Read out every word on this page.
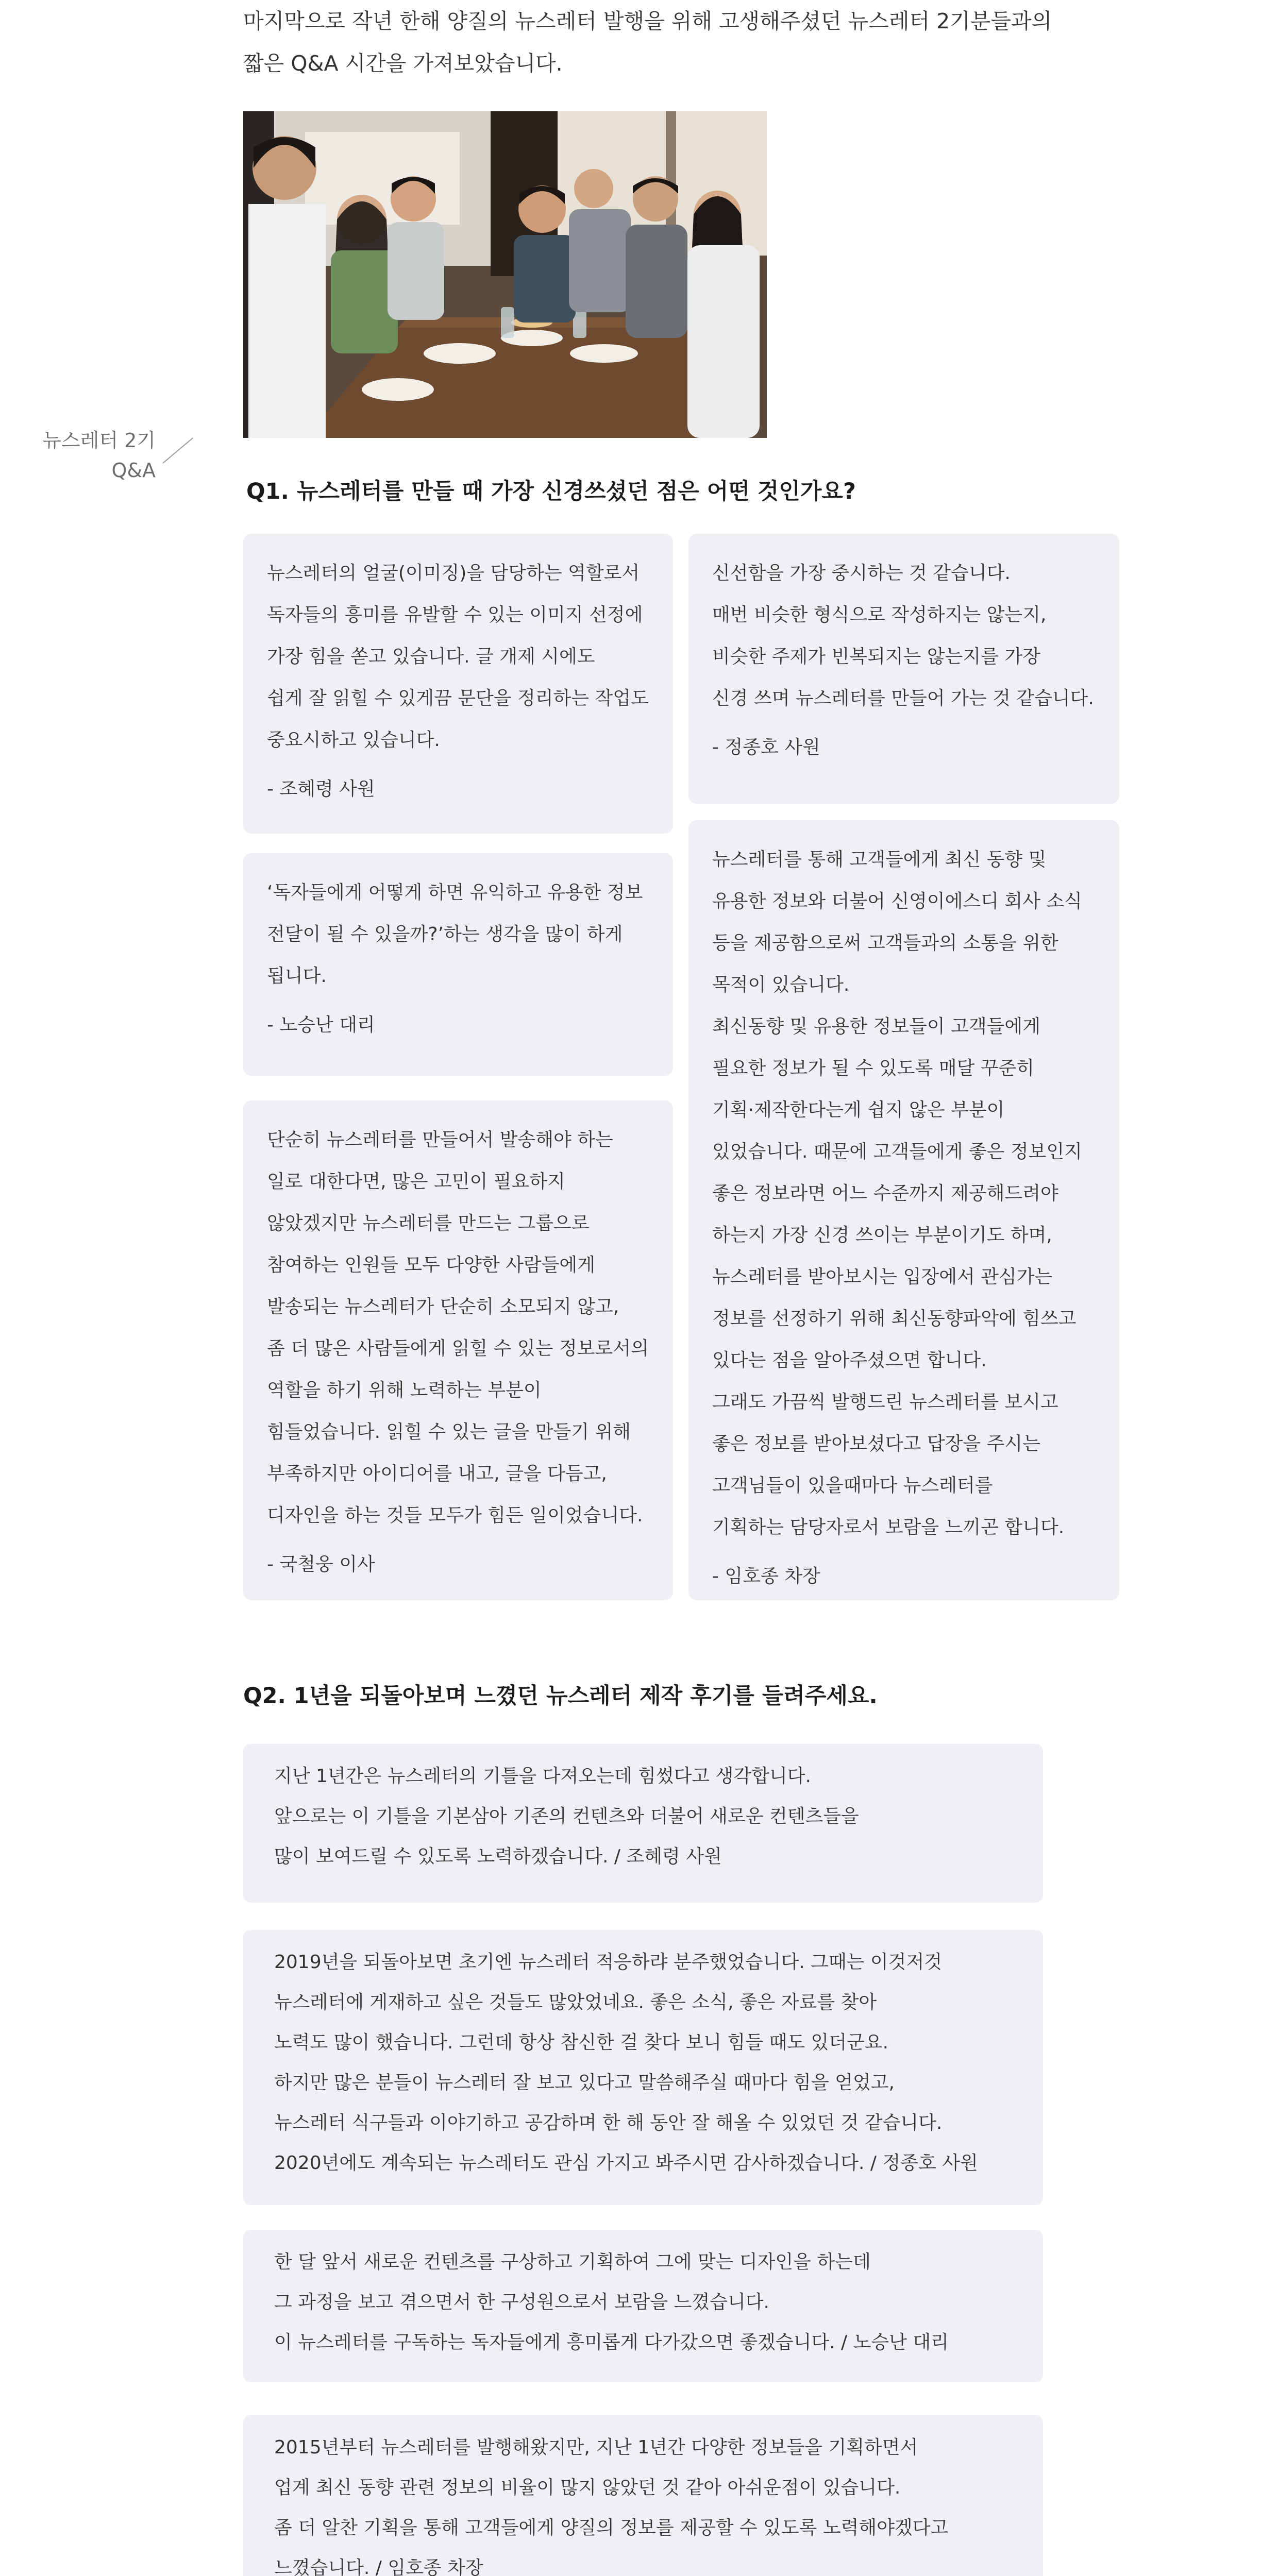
마지막으로 작년 한해 양질의 뉴스레터 발행을 위해 고생해주셨던 뉴스레터 2기분들과의

짧은 Q&A 시간을 가져보았습니다.

뉴스레터 2기
Q&A
Q1. 뉴스레터를 만들 때 가장 신경쓰셨던 점은 어떤 것인가요?
뉴스레터의 얼굴(이미징)을 담당하는 역할로서
독자들의 흥미를 유발할 수 있는 이미지 선정에
가장 힘을 쏟고 있습니다. 글 개제 시에도
쉽게 잘 읽힐 수 있게끔 문단을 정리하는 작업도
중요시하고 있습니다.
- 조혜령 사원
신선함을 가장 중시하는 것 같습니다.
매번 비슷한 형식으로 작성하지는 않는지,
비슷한 주제가 빈복되지는 않는지를 가장
신경 쓰며 뉴스레터를 만들어 가는 것 같습니다.
- 정종호 사원
‘독자들에게 어떻게 하면 유익하고 유용한 정보
전달이 될 수 있을까?’하는 생각을 많이 하게
됩니다.
- 노승난 대리
뉴스레터를 통해 고객들에게 최신 동향 및
유용한 정보와 더불어 신영이에스디 회사 소식
등을 제공함으로써 고객들과의 소통을 위한
목적이 있습니다.
최신동향 및 유용한 정보들이 고객들에게
필요한 정보가 될 수 있도록 매달 꾸준히
기획·제작한다는게 쉽지 않은 부분이
있었습니다. 때문에 고객들에게 좋은 정보인지
좋은 정보라면 어느 수준까지 제공해드려야
하는지 가장 신경 쓰이는 부분이기도 하며,
뉴스레터를 받아보시는 입장에서 관심가는
정보를 선정하기 위해 최신동향파악에 힘쓰고
있다는 점을 알아주셨으면 합니다.
그래도 가끔씩 발행드린 뉴스레터를 보시고
좋은 정보를 받아보셨다고 답장을 주시는
고객님들이 있을때마다 뉴스레터를
기획하는 담당자로서 보람을 느끼곤 합니다.
- 임호종 차장
단순히 뉴스레터를 만들어서 발송해야 하는
일로 대한다면, 많은 고민이 필요하지
않았겠지만 뉴스레터를 만드는 그룹으로
참여하는 인원들 모두 다양한 사람들에게
발송되는 뉴스레터가 단순히 소모되지 않고,
좀 더 많은 사람들에게 읽힐 수 있는 정보로서의
역할을 하기 위해 노력하는 부분이
힘들었습니다. 읽힐 수 있는 글을 만들기 위해
부족하지만 아이디어를 내고, 글을 다듬고,
디자인을 하는 것들 모두가 힘든 일이었습니다.
- 국철웅 이사
Q2. 1년을 되돌아보며 느꼈던 뉴스레터 제작 후기를 들려주세요.
지난 1년간은 뉴스레터의 기틀을 다져오는데 힘썼다고 생각합니다.
앞으로는 이 기틀을 기본삼아 기존의 컨텐츠와 더불어 새로운 컨텐츠들을
많이 보여드릴 수 있도록 노력하겠습니다. / 조혜령 사원
2019년을 되돌아보면 초기엔 뉴스레터 적응하랴 분주했었습니다. 그때는 이것저것
뉴스레터에 게재하고 싶은 것들도 많았었네요. 좋은 소식, 좋은 자료를 찾아
노력도 많이 했습니다. 그런데 항상 참신한 걸 찾다 보니 힘들 때도 있더군요.
하지만 많은 분들이 뉴스레터 잘 보고 있다고 말씀해주실 때마다 힘을 얻었고,
뉴스레터 식구들과 이야기하고 공감하며 한 해 동안 잘 해올 수 있었던 것 같습니다.
2020년에도 계속되는 뉴스레터도 관심 가지고 봐주시면 감사하겠습니다. / 정종호 사원
한 달 앞서 새로운 컨텐츠를 구상하고 기획하여 그에 맞는 디자인을 하는데
그 과정을 보고 겪으면서 한 구성원으로서 보람을 느꼈습니다.
이 뉴스레터를 구독하는 독자들에게 흥미롭게 다가갔으면 좋겠습니다. / 노승난 대리
2015년부터 뉴스레터를 발행해왔지만, 지난 1년간 다양한 정보들을 기획하면서
업계 최신 동향 관련 정보의 비율이 많지 않았던 것 같아 아쉬운점이 있습니다.
좀 더 알찬 기획을 통해 고객들에게 양질의 정보를 제공할 수 있도록 노력해야겠다고
느꼈습니다. / 임호종 차장
